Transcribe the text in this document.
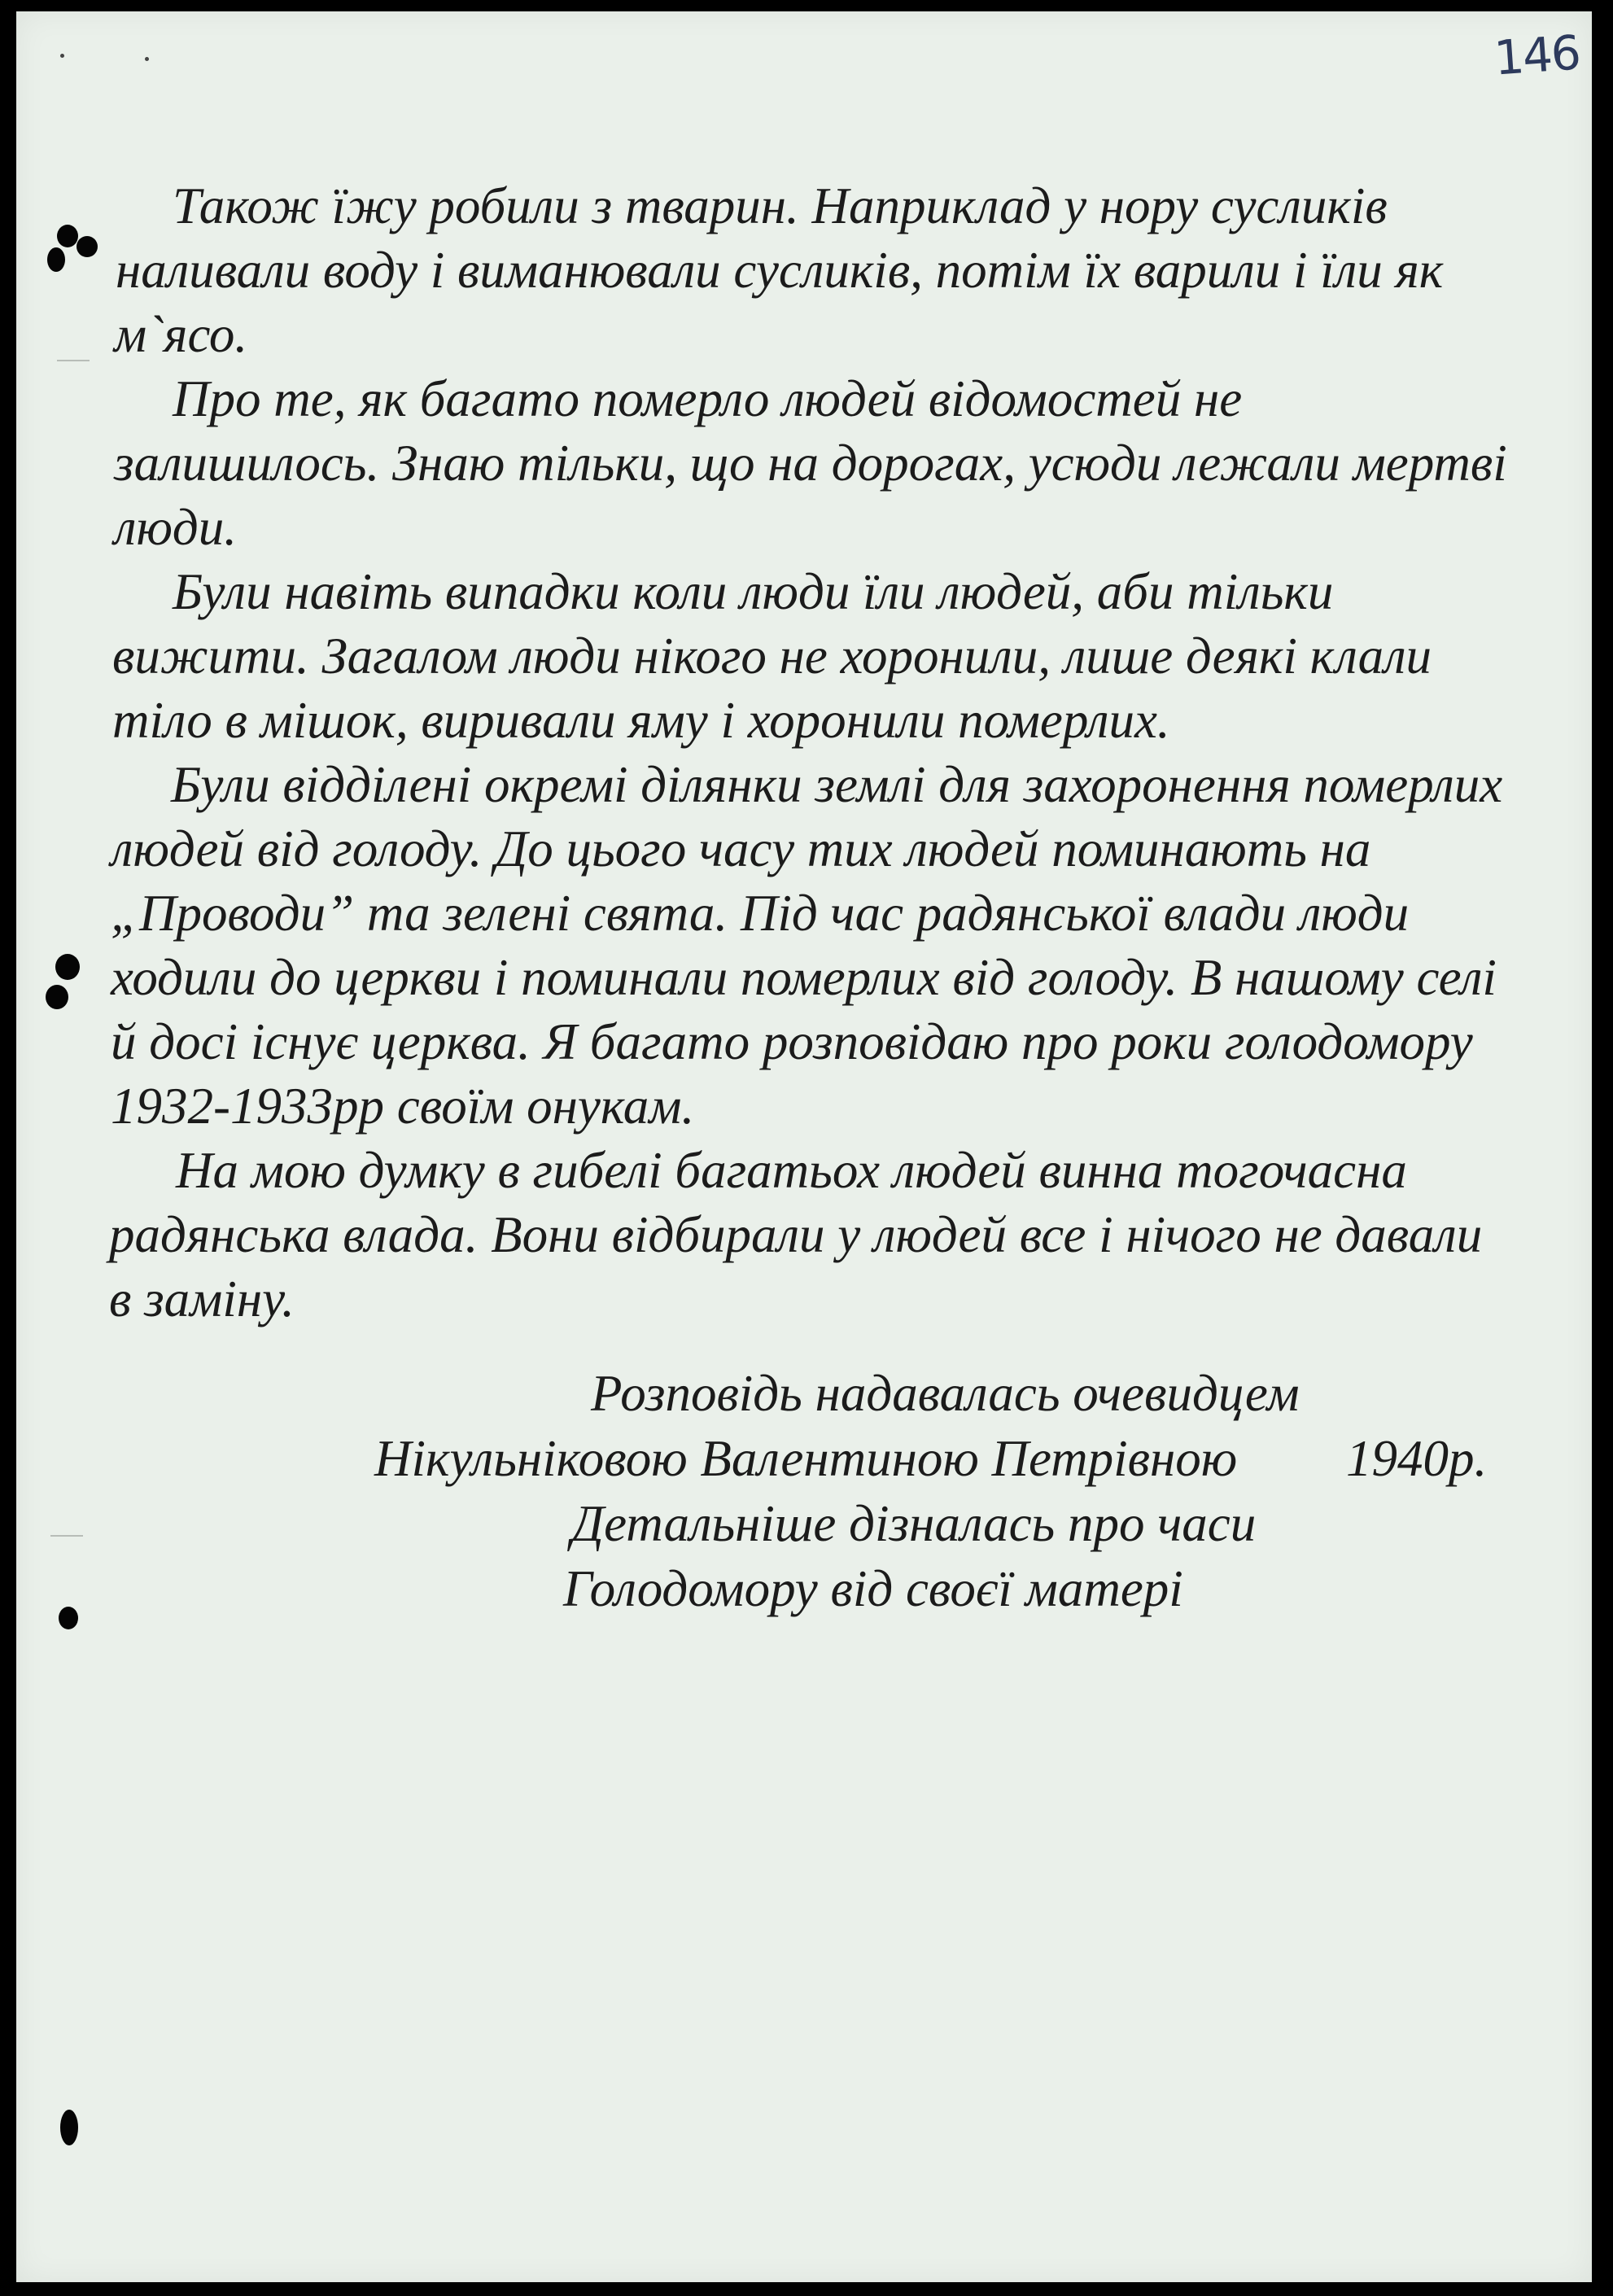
146
Також їжу робили з тварин. Наприклад у нору сусликів
наливали воду і виманювали сусликів, потім їх варили і їли як
м`ясо.
Про те, як багато померло людей відомостей не
залишилось. Знаю тільки, що на дорогах, усюди лежали мертві
люди.
Були навіть випадки коли люди їли людей, аби тільки
вижити. Загалом люди нікого не хоронили, лише деякі клали
тіло в мішок, виривали яму і хоронили померлих.
Були відділені окремі ділянки землі для захоронення померлих
людей від голоду. До цього часу тих людей поминають на
„Проводи” та зелені свята. Під час радянської влади люди
ходили до церкви і поминали померлих від голоду. В нашому селі
й досі існує церква. Я багато розповідаю про роки голодомору
1932-1933рр своїм онукам.
На мою думку в гибелі багатьох людей винна тогочасна
радянська влада. Вони відбирали у людей все і нічого не давали
в заміну.
Розповідь надавалась очевидцем
Нікульніковою Валентиною Петрівною 1940р.
Детальніше дізналась про часи
Голодомору від своєї матері
